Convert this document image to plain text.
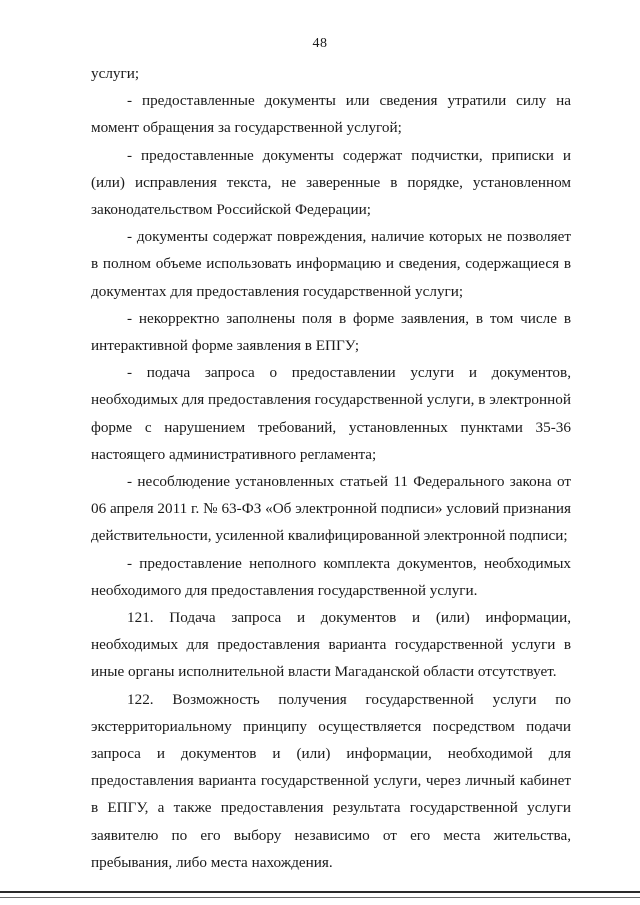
48

услуги;

- предоставленные документы или сведения утратили силу на момент обращения за государственной услугой;

- предоставленные документы содержат подчистки, приписки и (или) исправления текста, не заверенные в порядке, установленном законодательством Российской Федерации;

- документы содержат повреждения, наличие которых не позволяет в полном объеме использовать информацию и сведения, содержащиеся в документах для предоставления государственной услуги;

- некорректно заполнены поля в форме заявления, в том числе в интерактивной форме заявления в ЕПГУ;

- подача запроса о предоставлении услуги и документов, необходимых для предоставления государственной услуги, в электронной форме с нарушением требований, установленных пунктами 35-36 настоящего административного регламента;

- несоблюдение установленных статьей 11 Федерального закона от 06 апреля 2011 г. № 63-ФЗ «Об электронной подписи» условий признания действительности, усиленной квалифицированной электронной подписи;

- предоставление неполного комплекта документов, необходимых необходимого для предоставления государственной услуги.

121. Подача запроса и документов и (или) информации, необходимых для предоставления варианта государственной услуги в иные органы исполнительной власти Магаданской области отсутствует.

122. Возможность получения государственной услуги по экстерриториальному принципу осуществляется посредством подачи запроса и документов и (или) информации, необходимой для предоставления варианта государственной услуги, через личный кабинет в ЕПГУ, а также предоставления результата государственной услуги заявителю по его выбору независимо от его места жительства, пребывания, либо места нахождения.
